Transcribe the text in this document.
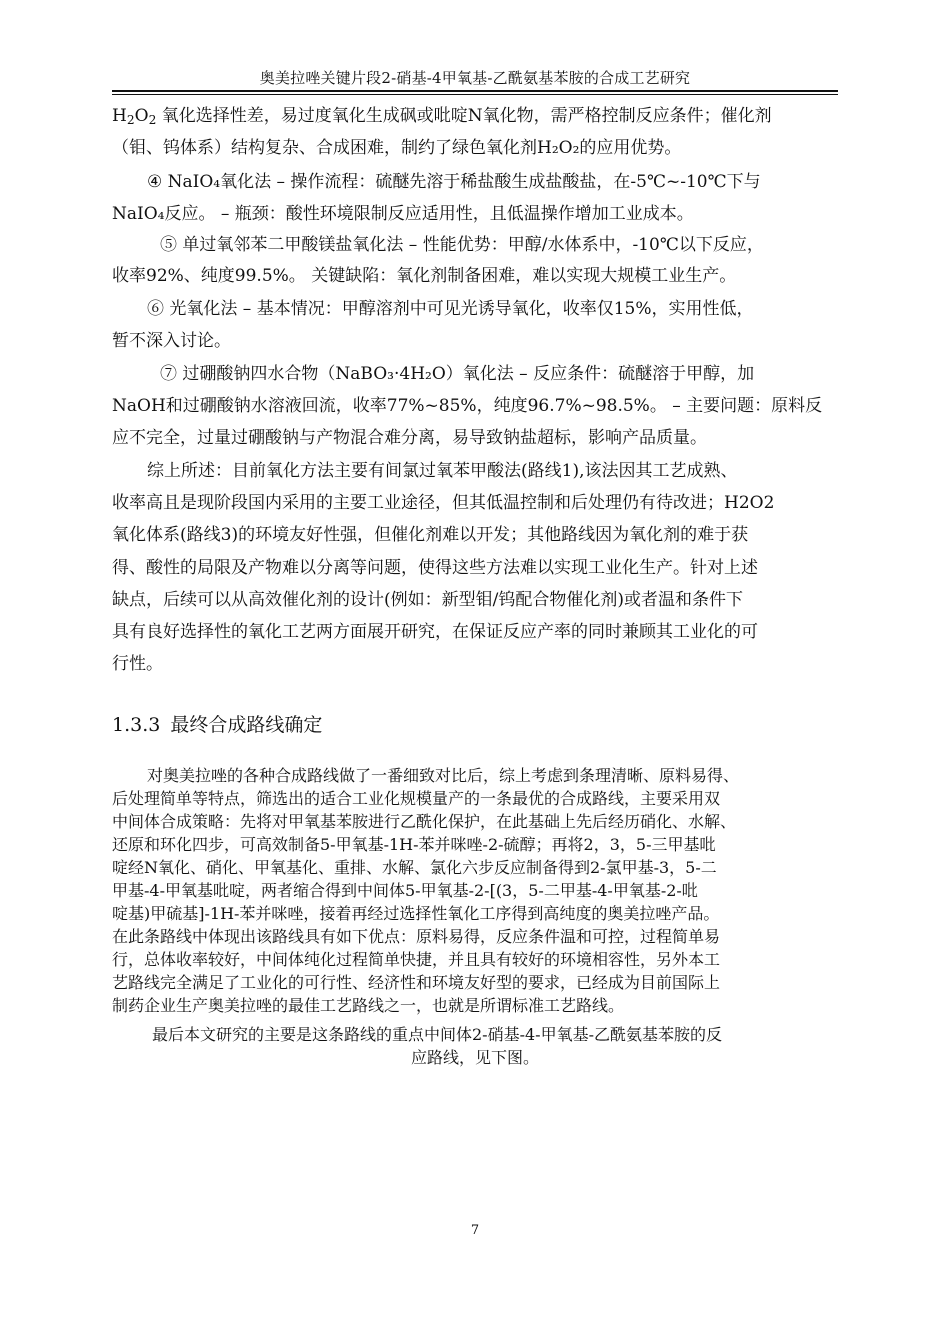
奥美拉唑关键片段2-硝基-4甲氧基-乙酰氨基苯胺的合成工艺研究
$H_2O_2$ 氧化选择性差，易过度氧化生成砜或吡啶N氧化物，需严格控制反应条件；催化剂
（钼、钨体系）结构复杂、合成困难，制约了绿色氧化剂H₂O₂的应用优势。
④ NaIO₄氧化法 – 操作流程：硫醚先溶于稀盐酸生成盐酸盐，在-5℃~-10℃下与
NaIO₄反应。 – 瓶颈：酸性环境限制反应适用性，且低温操作增加工业成本。
⑤ 单过氧邻苯二甲酸镁盐氧化法 – 性能优势：甲醇/水体系中，-10℃以下反应，
收率92%、纯度99.5%。 关键缺陷：氧化剂制备困难，难以实现大规模工业生产。
⑥ 光氧化法 – 基本情况：甲醇溶剂中可见光诱导氧化，收率仅15%，实用性低，
暂不深入讨论。
⑦ 过硼酸钠四水合物（NaBO₃·4H₂O）氧化法 – 反应条件：硫醚溶于甲醇，加
NaOH和过硼酸钠水溶液回流，收率77%~85%，纯度96.7%~98.5%。 – 主要问题：原料反
应不完全，过量过硼酸钠与产物混合难分离，易导致钠盐超标，影响产品质量。
综上所述：目前氧化方法主要有间氯过氧苯甲酸法(路线1),该法因其工艺成熟、
收率高且是现阶段国内采用的主要工业途径，但其低温控制和后处理仍有待改进；H2O2
氧化体系(路线3)的环境友好性强，但催化剂难以开发；其他路线因为氧化剂的难于获
得、酸性的局限及产物难以分离等问题，使得这些方法难以实现工业化生产。针对上述
缺点，后续可以从高效催化剂的设计(例如：新型钼/钨配合物催化剂)或者温和条件下
具有良好选择性的氧化工艺两方面展开研究，在保证反应产率的同时兼顾其工业化的可
行性。
1.3.3 最终合成路线确定
对奥美拉唑的各种合成路线做了一番细致对比后，综上考虑到条理清晰、原料易得、
后处理简单等特点，筛选出的适合工业化规模量产的一条最优的合成路线，主要采用双
中间体合成策略：先将对甲氧基苯胺进行乙酰化保护，在此基础上先后经历硝化、水解、
还原和环化四步，可高效制备5-甲氧基-1H-苯并咪唑-2-硫醇；再将2，3，5-三甲基吡
啶经N氧化、硝化、甲氧基化、重排、水解、氯化六步反应制备得到2-氯甲基-3，5-二
甲基-4-甲氧基吡啶，两者缩合得到中间体5-甲氧基-2-[(3，5-二甲基-4-甲氧基-2-吡
啶基)甲硫基]-1H-苯并咪唑，接着再经过选择性氧化工序得到高纯度的奥美拉唑产品。
在此条路线中体现出该路线具有如下优点：原料易得，反应条件温和可控，过程简单易
行，总体收率较好，中间体纯化过程简单快捷，并且具有较好的环境相容性，另外本工
艺路线完全满足了工业化的可行性、经济性和环境友好型的要求，已经成为目前国际上
制药企业生产奥美拉唑的最佳工艺路线之一，也就是所谓标准工艺路线。
最后本文研究的主要是这条路线的重点中间体2-硝基-4-甲氧基-乙酰氨基苯胺的反
应路线，见下图。
7
